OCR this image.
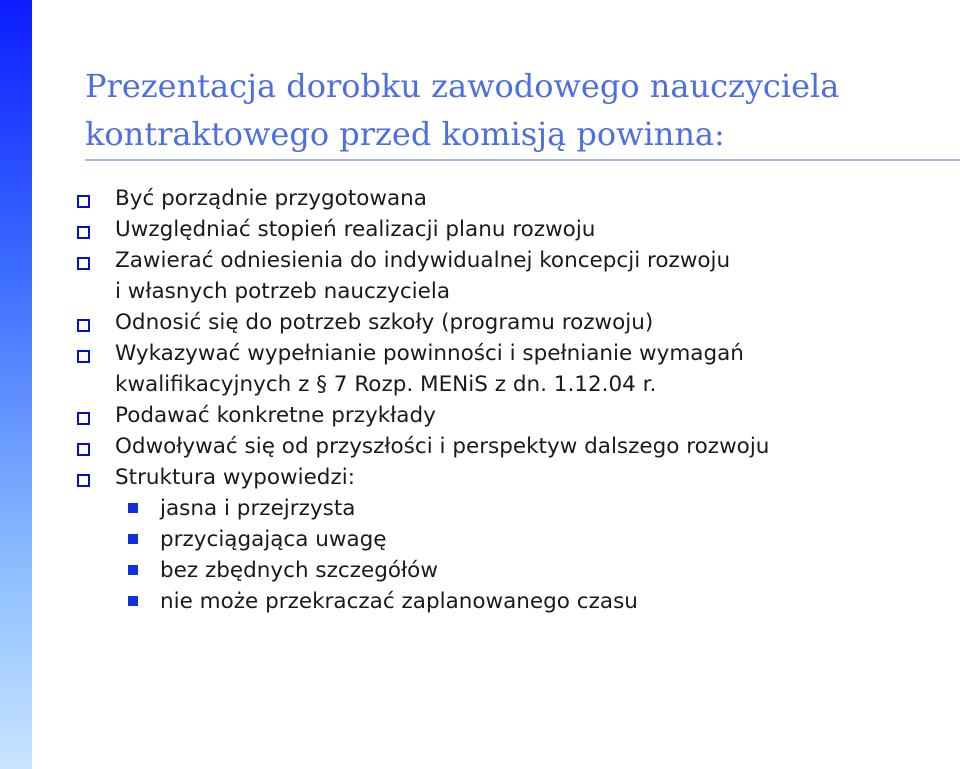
Prezentacja dorobku zawodowego nauczyciela
kontraktowego przed komisją powinna:
Być porządnie przygotowana
Uwzględniać stopień realizacji planu rozwoju
Zawierać odniesienia do indywidualnej koncepcji rozwoju
i własnych potrzeb nauczyciela
Odnosić się do potrzeb szkoły (programu rozwoju)
Wykazywać wypełnianie powinności i spełnianie wymagań
kwalifikacyjnych z § 7 Rozp. MENiS z dn. 1.12.04 r.
Podawać konkretne przykłady
Odwoływać się od przyszłości i perspektyw dalszego rozwoju
Struktura wypowiedzi:
jasna i przejrzysta
przyciągająca uwagę
bez zbędnych szczegółów
nie może przekraczać zaplanowanego czasu
